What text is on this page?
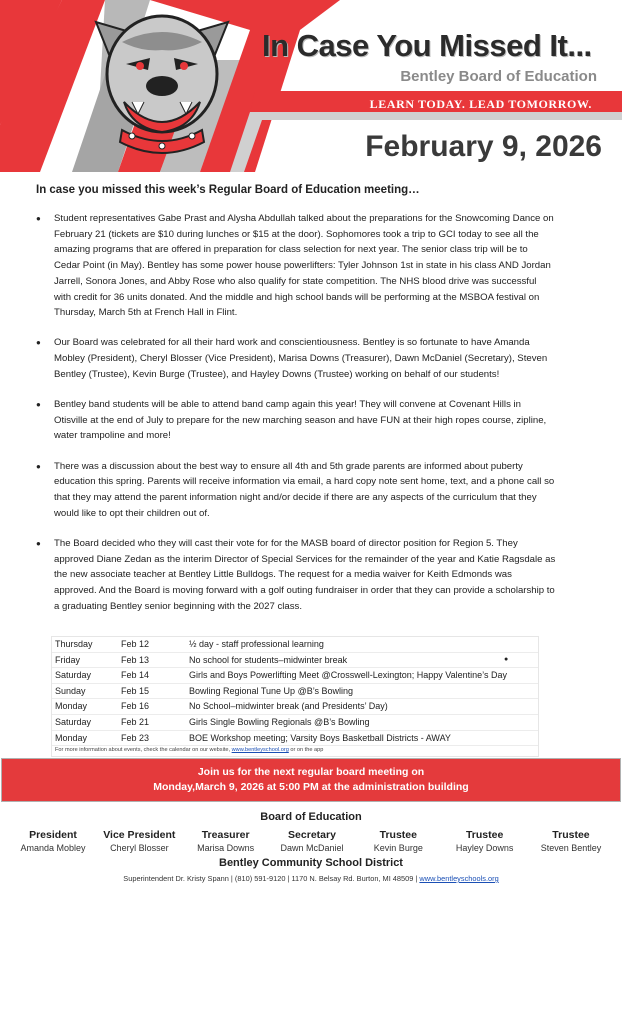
In Case You Missed It...
Bentley Board of Education
LEARN TODAY. LEAD TOMORROW.
February 9, 2026

In case you missed this week’s Regular Board of Education meeting…

● Student representatives Gabe Prast and Alysha Abdullah talked about the preparations for the Snowcoming Dance on February 21 (tickets are $10 during lunches or $15 at the door). Sophomores took a trip to GCI today to see all the amazing programs that are offered in preparation for class selection for next year. The senior class trip will be to Cedar Point (in May). Bentley has some power house powerlifters: Tyler Johnson 1st in state in his class AND Jordan Jarrell, Sonora Jones, and Abby Rose who also qualify for state competition. The NHS blood drive was successful with credit for 36 units donated. And the middle and high school bands will be performing at the MSBOA festival on Thursday, March 5th at French Hall in Flint.
● Our Board was celebrated for all their hard work and conscientiousness. Bentley is so fortunate to have Amanda Mobley (President), Cheryl Blosser (Vice President), Marisa Downs (Treasurer), Dawn McDaniel (Secretary), Steven Bentley (Trustee), Kevin Burge (Trustee), and Hayley Downs (Trustee) working on behalf of our students!
● Bentley band students will be able to attend band camp again this year! They will convene at Covenant Hills in Otisville at the end of July to prepare for the new marching season and have FUN at their high ropes course, zipline, water trampoline and more!
● There was a discussion about the best way to ensure all 4th and 5th grade parents are informed about puberty education this spring. Parents will receive information via email, a hard copy note sent home, text, and a phone call so that they may attend the parent information night and/or decide if there are any aspects of the curriculum that they would like to opt their children out of.
● The Board decided who they will cast their vote for for the MASB board of director position for Region 5. They approved Diane Zedan as the interim Director of Special Services for the remainder of the year and Katie Ragsdale as the new associate teacher at Bentley Little Bulldogs. The request for a media waiver for Keith Edmonds was approved. And the Board is moving forward with a golf outing fundraiser in order that they can provide a scholarship to a graduating Bentley senior beginning with the 2027 class.
Thursday	Feb 12	½ day - staff professional learning
Friday	Feb 13	No school for students–midwinter break	●
Saturday	Feb 14	Girls and Boys Powerlifting Meet @Crosswell-Lexington; Happy Valentine’s Day
Sunday	Feb 15	Bowling Regional Tune Up @B’s Bowling
Monday	Feb 16	No School–midwinter break (and Presidents’ Day)
Saturday	Feb 21	Girls Single Bowling Regionals @B’s Bowling
Monday	Feb 23	BOE Workshop meeting; Varsity Boys Basketball Districts - AWAY
For more information about events, check the calendar on our website, www.bentleyschool.org or on the app
Join us for the next regular board meeting on
Monday,March 9, 2026 at 5:00 PM at the administration building
Board of Education
President
Amanda Mobley
Vice President
Cheryl Blosser
Treasurer
Marisa Downs
Secretary
Dawn McDaniel
Trustee
Kevin Burge
Trustee
Hayley Downs
Trustee
Steven Bentley
Bentley Community School District
Superintendent Dr. Kristy Spann | (810) 591-9120 | 1170 N. Belsay Rd. Burton, MI 48509 | www.bentleyschools.org
